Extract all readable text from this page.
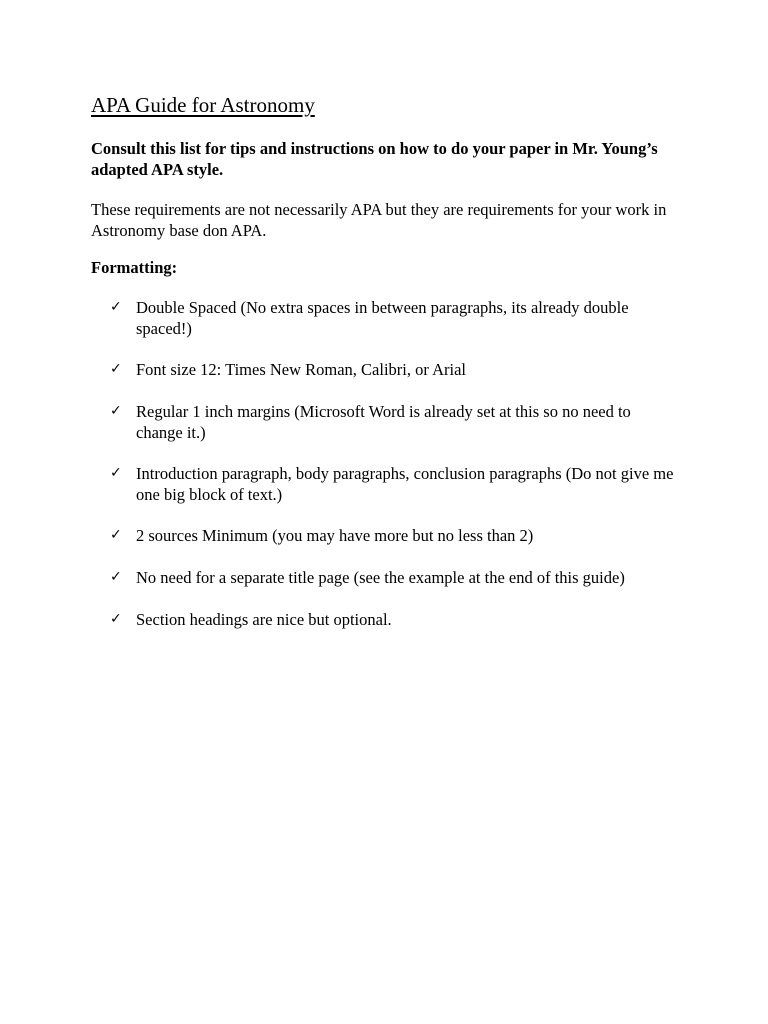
APA Guide for Astronomy
Consult this list for tips and instructions on how to do your paper in Mr. Young’s adapted APA style.
These requirements are not necessarily APA but they are requirements for your work in Astronomy base don APA.
Formatting:
✓ Double Spaced (No extra spaces in between paragraphs, its already double spaced!)
✓ Font size 12: Times New Roman, Calibri, or Arial
✓ Regular 1 inch margins (Microsoft Word is already set at this so no need to change it.)
✓ Introduction paragraph, body paragraphs, conclusion paragraphs (Do not give me one big block of text.)
✓ 2 sources Minimum (you may have more but no less than 2)
✓ No need for a separate title page (see the example at the end of this guide)
✓ Section headings are nice but optional.
